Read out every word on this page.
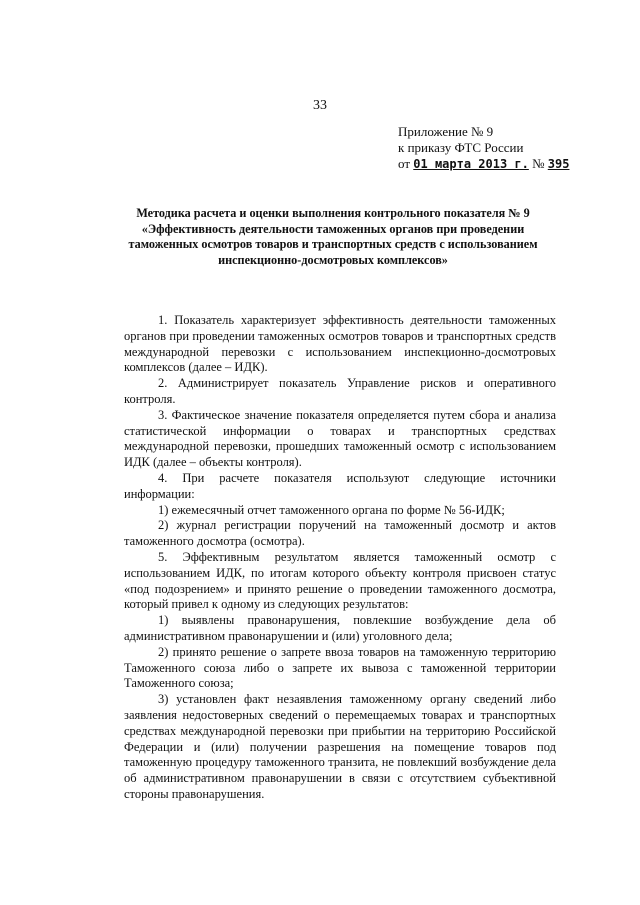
33
Приложение № 9
к приказу ФТС России
от 01 марта 2013 г. № 395
Методика расчета и оценки выполнения контрольного показателя № 9 «Эффективность деятельности таможенных органов при проведении таможенных осмотров товаров и транспортных средств с использованием инспекционно-досмотровых комплексов»

1. Показатель характеризует эффективность деятельности таможенных органов при проведении таможенных осмотров товаров и транспортных средств международной перевозки с использованием инспекционно-досмотровых комплексов (далее – ИДК).

2. Администрирует показатель Управление рисков и оперативного контроля.

3. Фактическое значение показателя определяется путем сбора и анализа статистической информации о товарах и транспортных средствах международной перевозки, прошедших таможенный осмотр с использованием ИДК (далее – объекты контроля).

4. При расчете показателя используют следующие источники информации:

1) ежемесячный отчет таможенного органа по форме № 56-ИДК;

2) журнал регистрации поручений на таможенный досмотр и актов таможенного досмотра (осмотра).

5. Эффективным результатом является таможенный осмотр с использованием ИДК, по итогам которого объекту контроля присвоен статус «под подозрением» и принято решение о проведении таможенного досмотра, который привел к одному из следующих результатов:

1) выявлены правонарушения, повлекшие возбуждение дела об административном правонарушении и (или) уголовного дела;

2) принято решение о запрете ввоза товаров на таможенную территорию Таможенного союза либо о запрете их вывоза с таможенной территории Таможенного союза;

3) установлен факт незаявления таможенному органу сведений либо заявления недостоверных сведений о перемещаемых товарах и транспортных средствах международной перевозки при прибытии на территорию Российской Федерации и (или) получении разрешения на помещение товаров под таможенную процедуру таможенного транзита, не повлекший возбуждение дела об административном правонарушении в связи с отсутствием субъективной стороны правонарушения.
